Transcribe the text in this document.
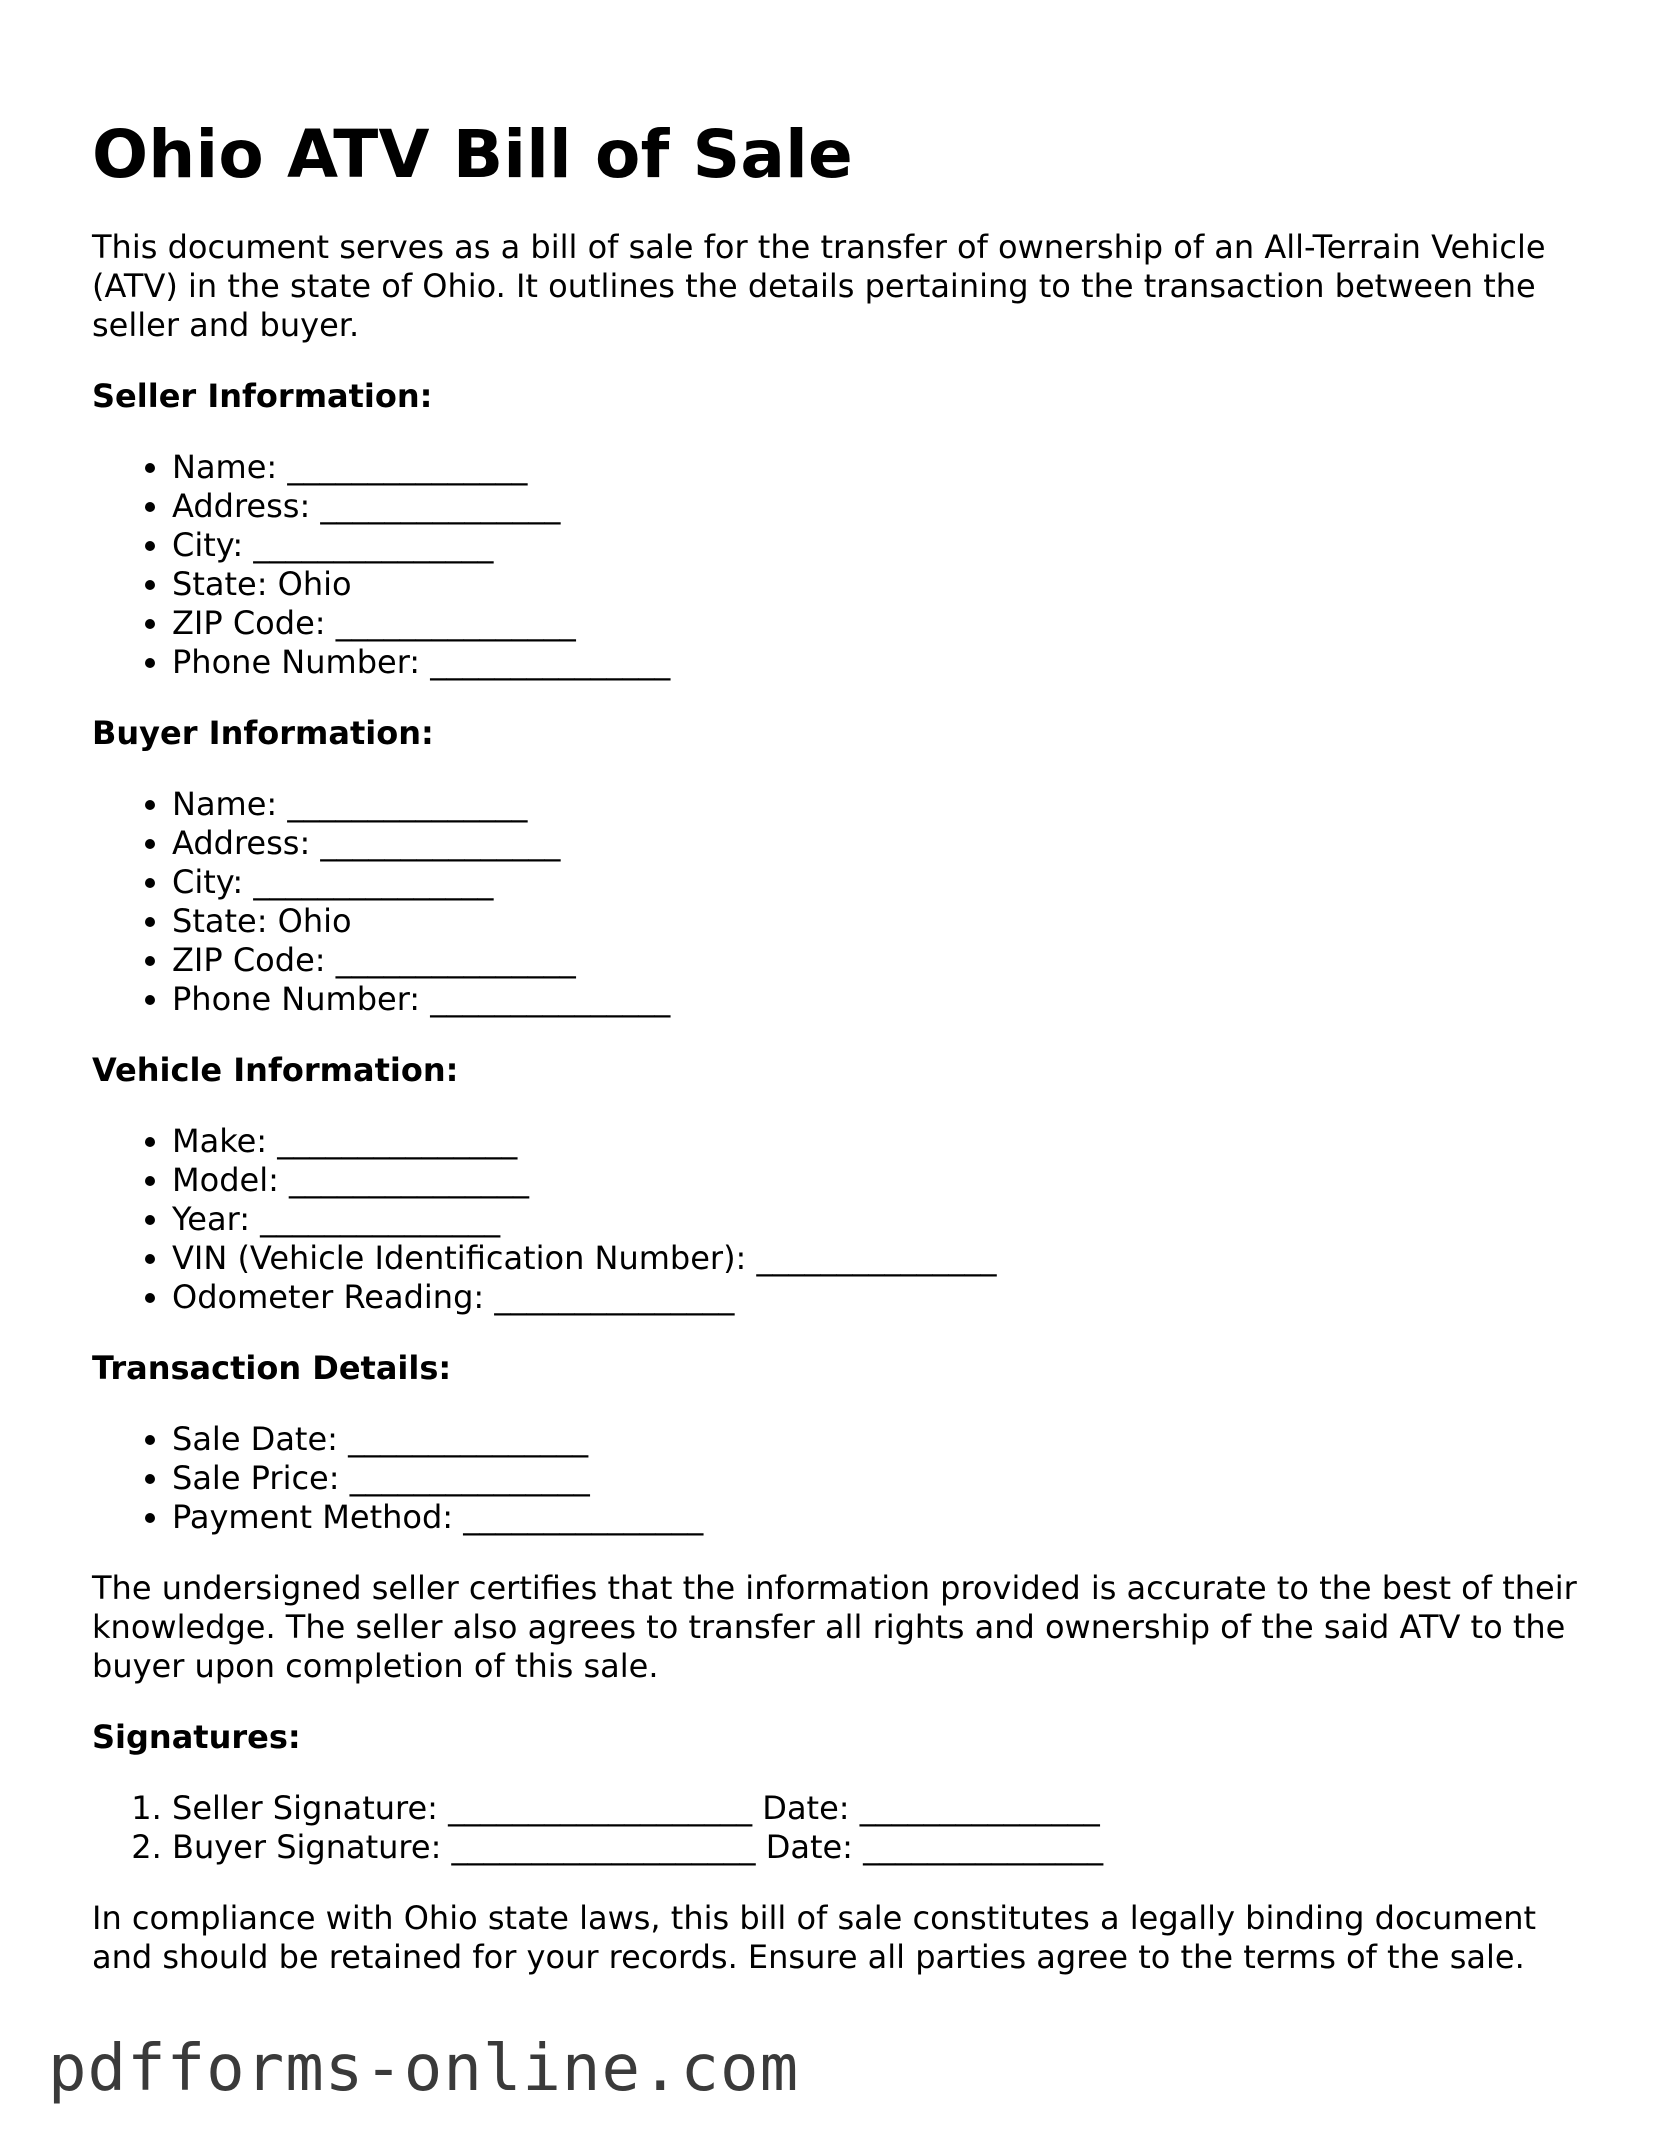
Ohio ATV Bill of Sale

This document serves as a bill of sale for the transfer of ownership of an All-Terrain Vehicle (ATV) in the state of Ohio. It outlines the details pertaining to the transaction between the seller and buyer.

Seller Information:
• Name: _______________
• Address: _______________
• City: _______________
• State: Ohio
• ZIP Code: _______________
• Phone Number: _______________
Buyer Information:
• Name: _______________
• Address: _______________
• City: _______________
• State: Ohio
• ZIP Code: _______________
• Phone Number: _______________
Vehicle Information:
• Make: _______________
• Model: _______________
• Year: _______________
• VIN (Vehicle Identification Number): _______________
• Odometer Reading: _______________
Transaction Details:
• Sale Date: _______________
• Sale Price: _______________
• Payment Method: _______________

The undersigned seller certifies that the information provided is accurate to the best of their knowledge. The seller also agrees to transfer all rights and ownership of the said ATV to the buyer upon completion of this sale.

Signatures:
1. Seller Signature: ___________________ Date: _______________
2. Buyer Signature: ___________________ Date: _______________

In compliance with Ohio state laws, this bill of sale constitutes a legally binding document and should be retained for your records. Ensure all parties agree to the terms of the sale.

pdfforms-online.com
